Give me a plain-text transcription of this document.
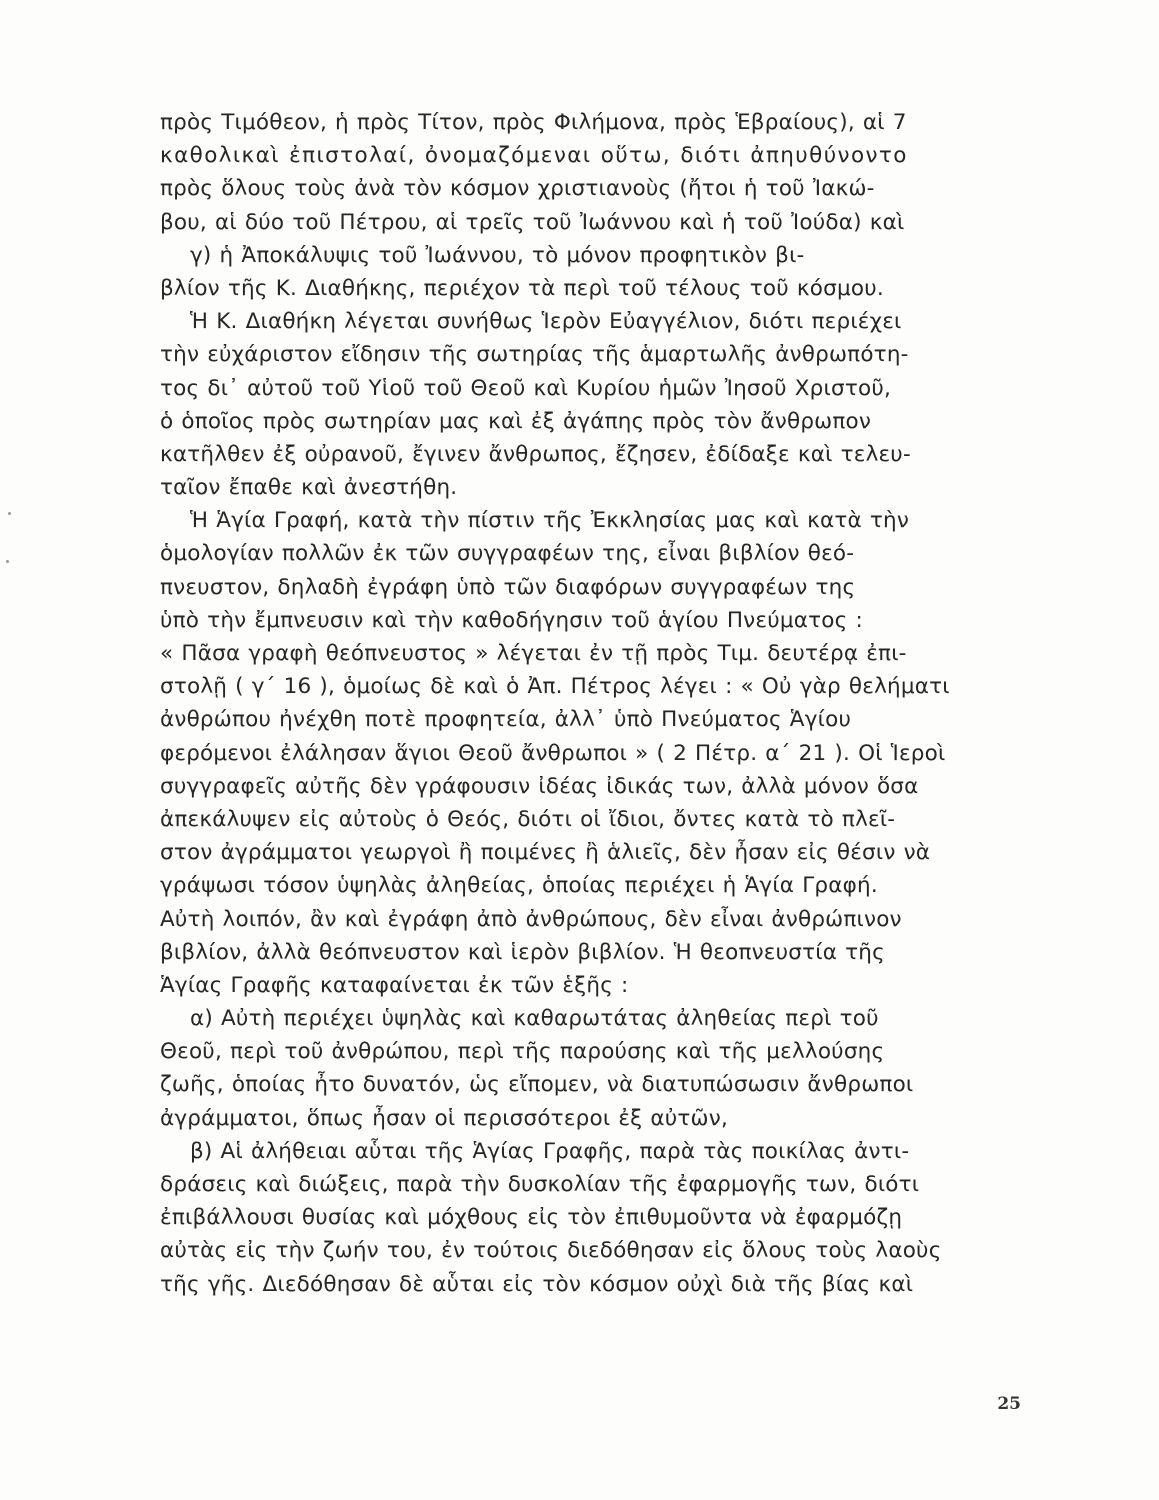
πρὸς Τιμόθεον, ἡ πρὸς Τίτον, πρὸς Φιλήμονα, πρὸς Ἑβραίους), αἱ 7
καθολικαὶ ἐπιστολαί, ὀνομαζόμεναι οὕτω, διότι ἀπηυθύνοντο
πρὸς ὅλους τοὺς ἀνὰ τὸν κόσμον χριστιανοὺς (ἤτοι ἡ τοῦ Ἰακώ-
βου, αἱ δύο τοῦ Πέτρου, αἱ τρεῖς τοῦ Ἰωάννου καὶ ἡ τοῦ Ἰούδα) καὶ
γ) ἡ Ἀποκάλυψις τοῦ Ἰωάννου, τὸ μόνον προφητικὸν βι-
βλίον τῆς Κ. Διαθήκης, περιέχον τὰ περὶ τοῦ τέλους τοῦ κόσμου.
Ἡ Κ. Διαθήκη λέγεται συνήθως Ἱερὸν Εὐαγγέλιον, διότι περιέχει
τὴν εὐχάριστον εἴδησιν τῆς σωτηρίας τῆς ἁμαρτωλῆς ἀνθρωπότη-
τος δι᾽ αὐτοῦ τοῦ Υἱοῦ τοῦ Θεοῦ καὶ Κυρίου ἡμῶν Ἰησοῦ Χριστοῦ,
ὁ ὁποῖος πρὸς σωτηρίαν μας καὶ ἐξ ἀγάπης πρὸς τὸν ἄνθρωπον
κατῆλθεν ἐξ οὐρανοῦ, ἔγινεν ἄνθρωπος, ἔζησεν, ἐδίδαξε καὶ τελευ-
ταῖον ἔπαθε καὶ ἀνεστήθη.
Ἡ Ἁγία Γραφή, κατὰ τὴν πίστιν τῆς Ἐκκλησίας μας καὶ κατὰ τὴν
ὁμολογίαν πολλῶν ἐκ τῶν συγγραφέων της, εἶναι βιβλίον θεό-
πνευστον, δηλαδὴ ἐγράφη ὑπὸ τῶν διαφόρων συγγραφέων της
ὑπὸ τὴν ἔμπνευσιν καὶ τὴν καθοδήγησιν τοῦ ἁγίου Πνεύματος :
« Πᾶσα γραφὴ θεόπνευστος » λέγεται ἐν τῇ πρὸς Τιμ. δευτέρᾳ ἐπι-
στολῇ ( γ΄ 16 ), ὁμοίως δὲ καὶ ὁ Ἀπ. Πέτρος λέγει : « Οὐ γὰρ θελήματι
ἀνθρώπου ἠνέχθη ποτὲ προφητεία, ἀλλ᾽ ὑπὸ Πνεύματος Ἁγίου
φερόμενοι ἐλάλησαν ἅγιοι Θεοῦ ἄνθρωποι » ( 2 Πέτρ. α΄ 21 ). Οἱ Ἱεροὶ
συγγραφεῖς αὐτῆς δὲν γράφουσιν ἰδέας ἰδικάς των, ἀλλὰ μόνον ὅσα
ἀπεκάλυψεν εἰς αὐτοὺς ὁ Θεός, διότι οἱ ἴδιοι, ὄντες κατὰ τὸ πλεῖ-
στον ἀγράμματοι γεωργοὶ ἢ ποιμένες ἢ ἁλιεῖς, δὲν ἦσαν εἰς θέσιν νὰ
γράψωσι τόσον ὑψηλὰς ἀληθείας, ὁποίας περιέχει ἡ Ἁγία Γραφή.
Αὐτὴ λοιπόν, ἂν καὶ ἐγράφη ἀπὸ ἀνθρώπους, δὲν εἶναι ἀνθρώπινον
βιβλίον, ἀλλὰ θεόπνευστον καὶ ἱερὸν βιβλίον. Ἡ θεοπνευστία τῆς
Ἁγίας Γραφῆς καταφαίνεται ἐκ τῶν ἑξῆς :
α) Αὐτὴ περιέχει ὑψηλὰς καὶ καθαρωτάτας ἀληθείας περὶ τοῦ
Θεοῦ, περὶ τοῦ ἀνθρώπου, περὶ τῆς παρούσης καὶ τῆς μελλούσης
ζωῆς, ὁποίας ἦτο δυνατόν, ὡς εἴπομεν, νὰ διατυπώσωσιν ἄνθρωποι
ἀγράμματοι, ὅπως ἦσαν οἱ περισσότεροι ἐξ αὐτῶν,
β) Αἱ ἀλήθειαι αὗται τῆς Ἁγίας Γραφῆς, παρὰ τὰς ποικίλας ἀντι-
δράσεις καὶ διώξεις, παρὰ τὴν δυσκολίαν τῆς ἐφαρμογῆς των, διότι
ἐπιβάλλουσι θυσίας καὶ μόχθους εἰς τὸν ἐπιθυμοῦντα νὰ ἐφαρμόζῃ
αὐτὰς εἰς τὴν ζωήν του, ἐν τούτοις διεδόθησαν εἰς ὅλους τοὺς λαοὺς
τῆς γῆς. Διεδόθησαν δὲ αὗται εἰς τὸν κόσμον οὐχὶ διὰ τῆς βίας καὶ
25
